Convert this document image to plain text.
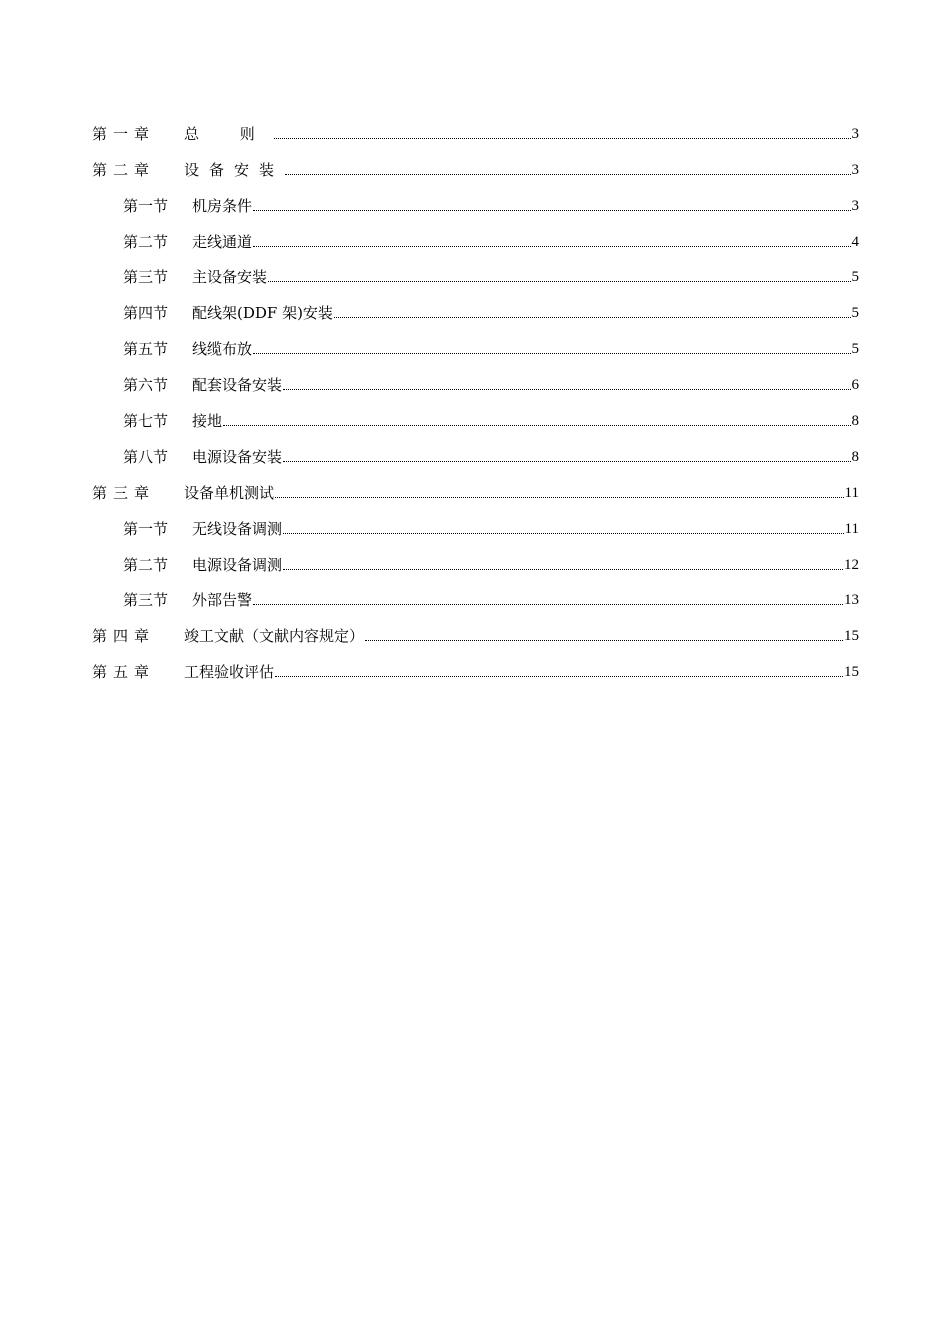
第一章	总 则	3
第二章	设备安装	3
第一节	机房条件	3
第二节	走线通道	4
第三节	主设备安装	5
第四节	配线架(DDF 架)安装	5
第五节	线缆布放	5
第六节	配套设备安装	6
第七节	接地	8
第八节	电源设备安装	8
第三章	设备单机测试	11
第一节	无线设备调测	11
第二节	电源设备调测	12
第三节	外部告警	13
第四章	竣工文献（文献内容规定）	15
第五章	工程验收评估	15
